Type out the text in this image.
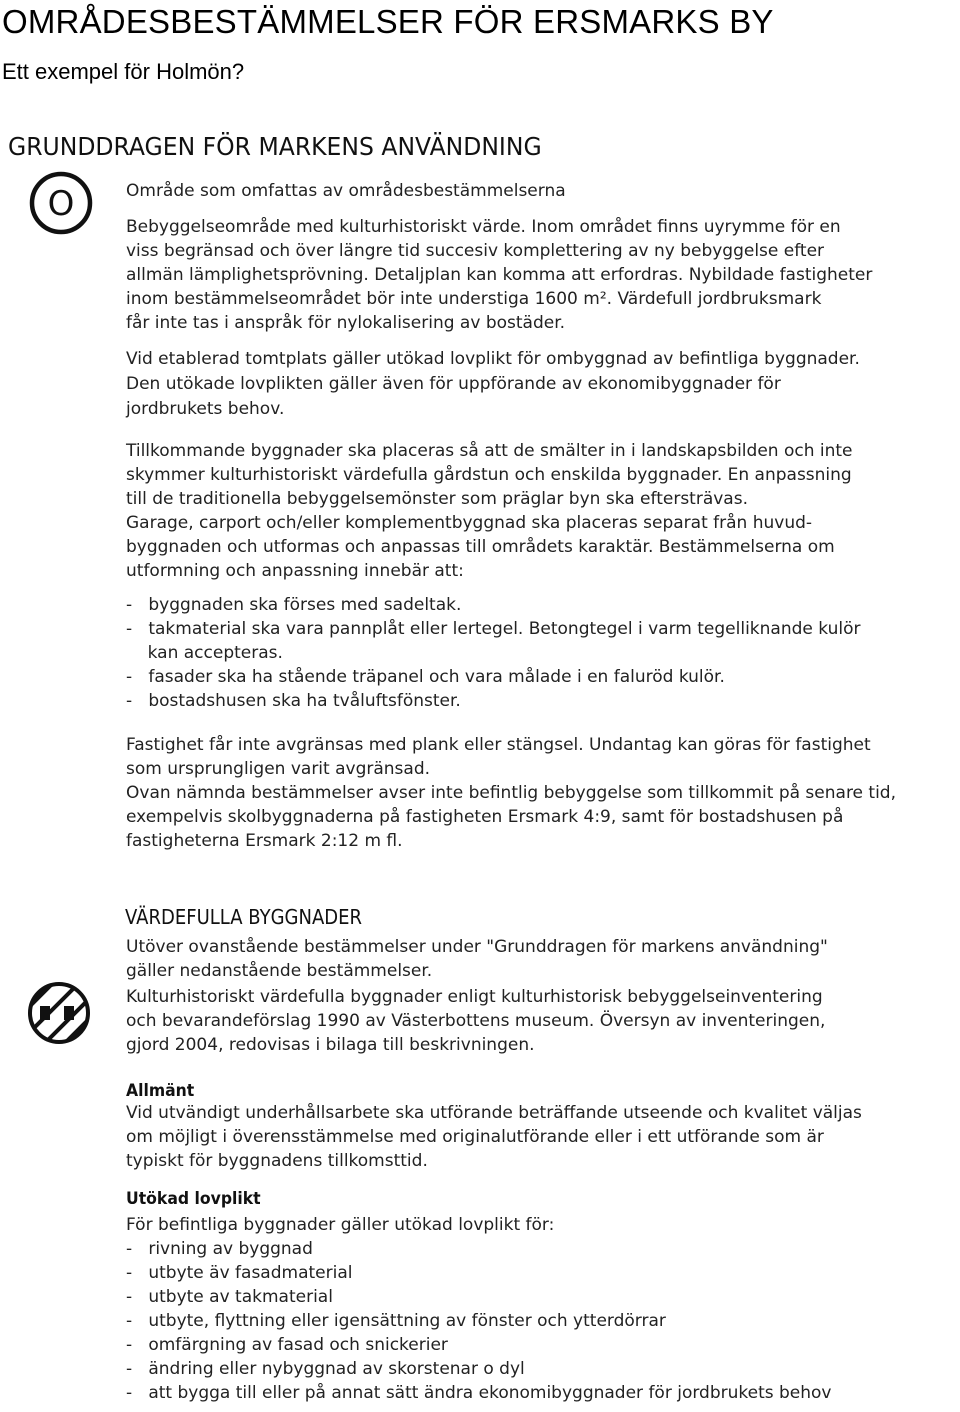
OMRÅDESBESTÄMMELSER FÖR ERSMARKS BY
Ett exempel för Holmön?
GRUNDDRAGEN FÖR MARKENS ANVÄNDNING
O	Område som omfattas av områdesbestämmelserna
Bebyggelseområde med kulturhistoriskt värde. Inom området finns uyrymme för en
viss begränsad och över längre tid succesiv komplettering av ny bebyggelse efter
allmän lämplighetsprövning. Detaljplan kan komma att erfordras. Nybildade fastigheter
inom bestämmelseområdet bör inte understiga 1600 m². Värdefull jordbruksmark
får inte tas i anspråk för nylokalisering av bostäder.
Vid etablerad tomtplats gäller utökad lovplikt för ombyggnad av befintliga byggnader.
Den utökade lovplikten gäller även för uppförande av ekonomibyggnader för
jordbrukets behov.
Tillkommande byggnader ska placeras så att de smälter in i landskapsbilden och inte
skymmer kulturhistoriskt värdefulla gårdstun och enskilda byggnader. En anpassning
till de traditionella bebyggelsemönster som präglar byn ska eftersträvas.
Garage, carport och/eller komplementbyggnad ska placeras separat från huvud-
byggnaden och utformas och anpassas till områdets karaktär. Bestämmelserna om
utformning och anpassning innebär att:
-   byggnaden ska förses med sadeltak.
-   takmaterial ska vara pannplåt eller lertegel. Betongtegel i varm tegelliknande kulör
kan accepteras.
-   fasader ska ha stående träpanel och vara målade i en faluröd kulör.
-   bostadshusen ska ha tvåluftsfönster.
Fastighet får inte avgränsas med plank eller stängsel. Undantag kan göras för fastighet
som ursprungligen varit avgränsad.
Ovan nämnda bestämmelser avser inte befintlig bebyggelse som tillkommit på senare tid,
exempelvis skolbyggnaderna på fastigheten Ersmark 4:9, samt för bostadshusen på
fastigheterna Ersmark 2:12 m fl.
VÄRDEFULLA BYGGNADER
Utöver ovanstående bestämmelser under "Grunddragen för markens användning"
gäller nedanstående bestämmelser.
Kulturhistoriskt värdefulla byggnader enligt kulturhistorisk bebyggelseinventering
och bevarandeförslag 1990 av Västerbottens museum. Översyn av inventeringen,
gjord 2004, redovisas i bilaga till beskrivningen.
Allmänt
Vid utvändigt underhållsarbete ska utförande beträffande utseende och kvalitet väljas
om möjligt i överensstämmelse med originalutförande eller i ett utförande som är
typiskt för byggnadens tillkomsttid.
Utökad lovplikt
För befintliga byggnader gäller utökad lovplikt för:
-   rivning av byggnad
-   utbyte äv fasadmaterial
-   utbyte av takmaterial
-   utbyte, flyttning eller igensättning av fönster och ytterdörrar
-   omfärgning av fasad och snickerier
-   ändring eller nybyggnad av skorstenar o dyl
-   att bygga till eller på annat sätt ändra ekonomibyggnader för jordbrukets behov
